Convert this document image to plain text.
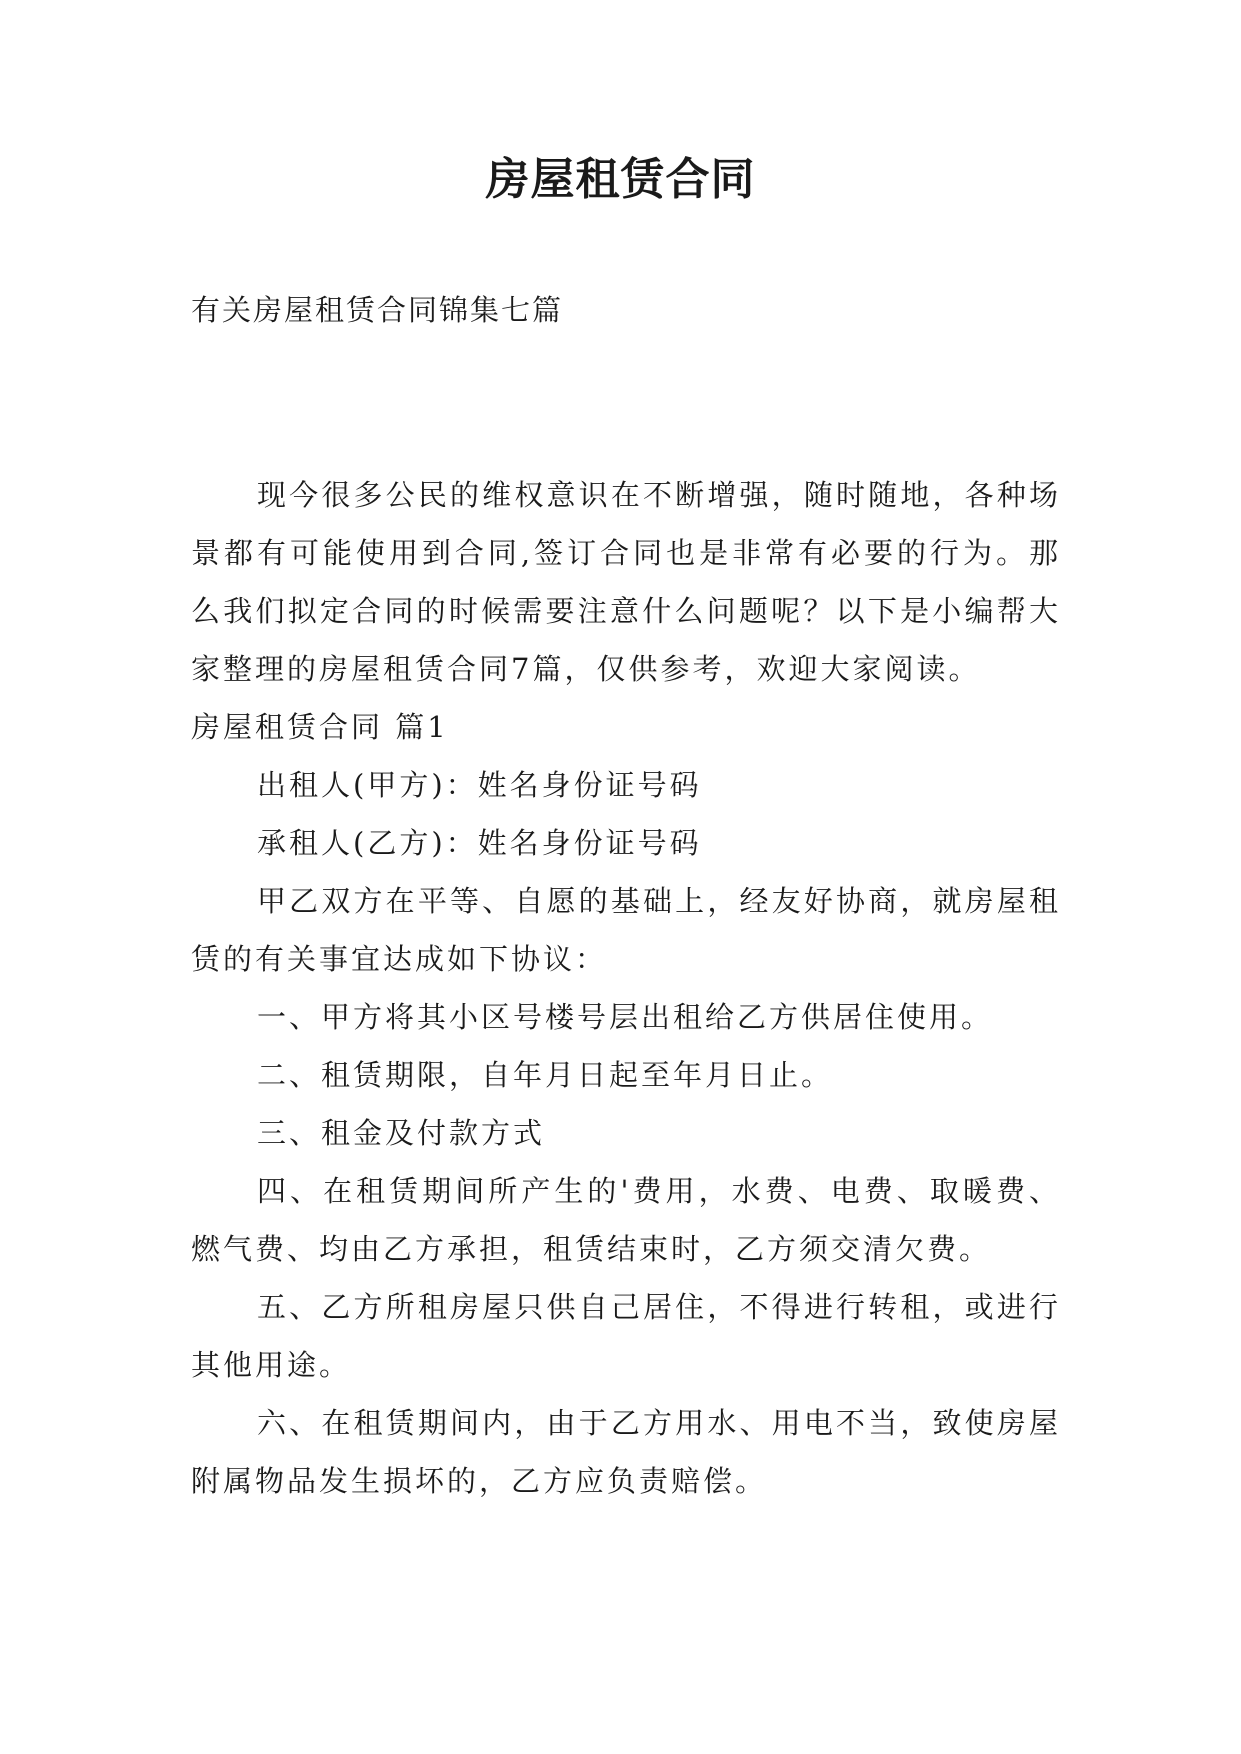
房屋租赁合同

有关房屋租赁合同锦集七篇

现今很多公民的维权意识在不断增强，随时随地，各种场景都有可能使用到合同,签订合同也是非常有必要的行为。那么我们拟定合同的时候需要注意什么问题呢？以下是小编帮大家整理的房屋租赁合同7篇，仅供参考，欢迎大家阅读。

房屋租赁合同 篇1

出租人(甲方)：姓名身份证号码

承租人(乙方)：姓名身份证号码

甲乙双方在平等、自愿的基础上，经友好协商，就房屋租赁的有关事宜达成如下协议：

一、甲方将其小区号楼号层出租给乙方供居住使用。

二、租赁期限，自年月日起至年月日止。

三、租金及付款方式

四、在租赁期间所产生的'费用，水费、电费、取暖费、燃气费、均由乙方承担，租赁结束时，乙方须交清欠费。

五、乙方所租房屋只供自己居住，不得进行转租，或进行其他用途。

六、在租赁期间内，由于乙方用水、用电不当，致使房屋附属物品发生损坏的，乙方应负责赔偿。
